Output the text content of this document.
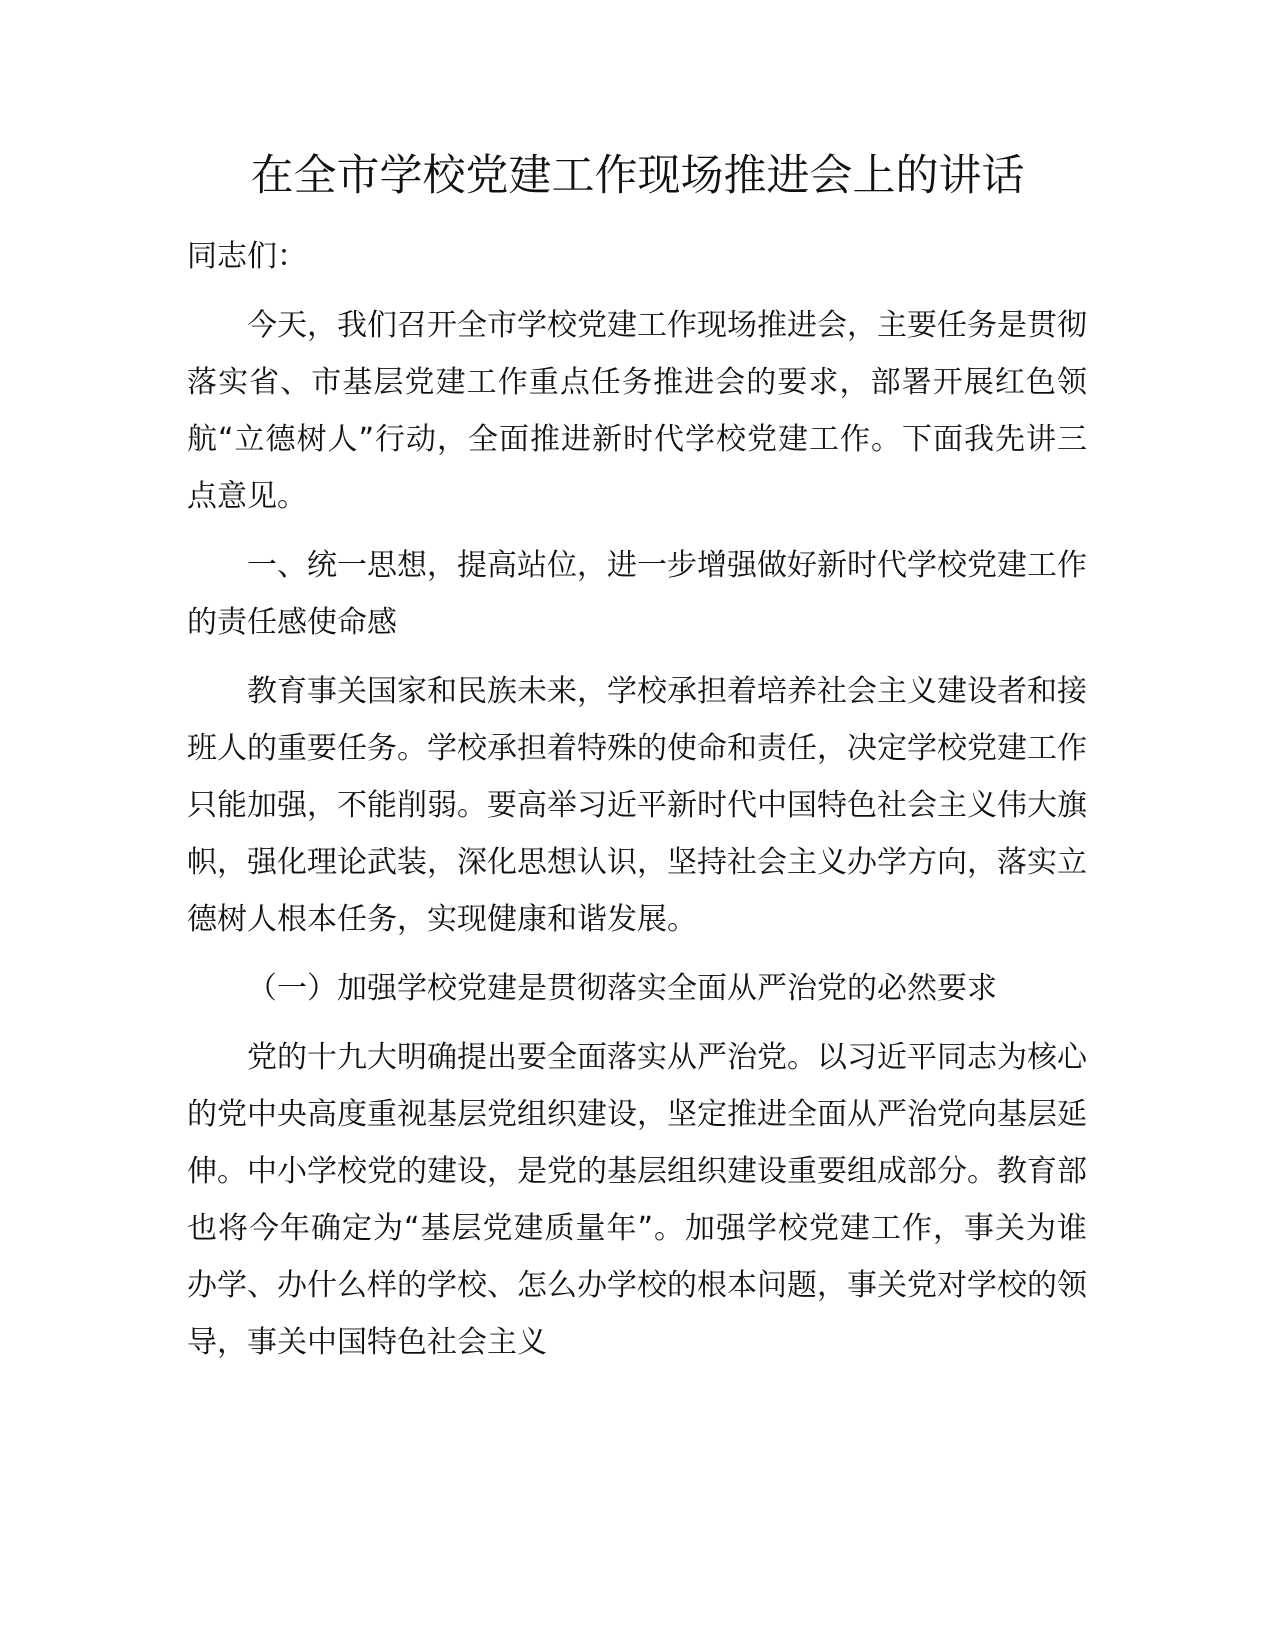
在全市学校党建工作现场推进会上的讲话

同志们：

今天，我们召开全市学校党建工作现场推进会，主要任务是贯彻落实省、市基层党建工作重点任务推进会的要求，部署开展红色领航“立德树人”行动，全面推进新时代学校党建工作。下面我先讲三点意见。

一、统一思想，提高站位，进一步增强做好新时代学校党建工作的责任感使命感

教育事关国家和民族未来，学校承担着培养社会主义建设者和接班人的重要任务。学校承担着特殊的使命和责任，决定学校党建工作只能加强，不能削弱。要高举习近平新时代中国特色社会主义伟大旗帜，强化理论武装，深化思想认识，坚持社会主义办学方向，落实立德树人根本任务，实现健康和谐发展。

（一）加强学校党建是贯彻落实全面从严治党的必然要求

党的十九大明确提出要全面落实从严治党。以习近平同志为核心的党中央高度重视基层党组织建设，坚定推进全面从严治党向基层延伸。中小学校党的建设，是党的基层组织建设重要组成部分。教育部也将今年确定为“基层党建质量年”。加强学校党建工作，事关为谁办学、办什么样的学校、怎么办学校的根本问题，事关党对学校的领导，事关中国特色社会主义
